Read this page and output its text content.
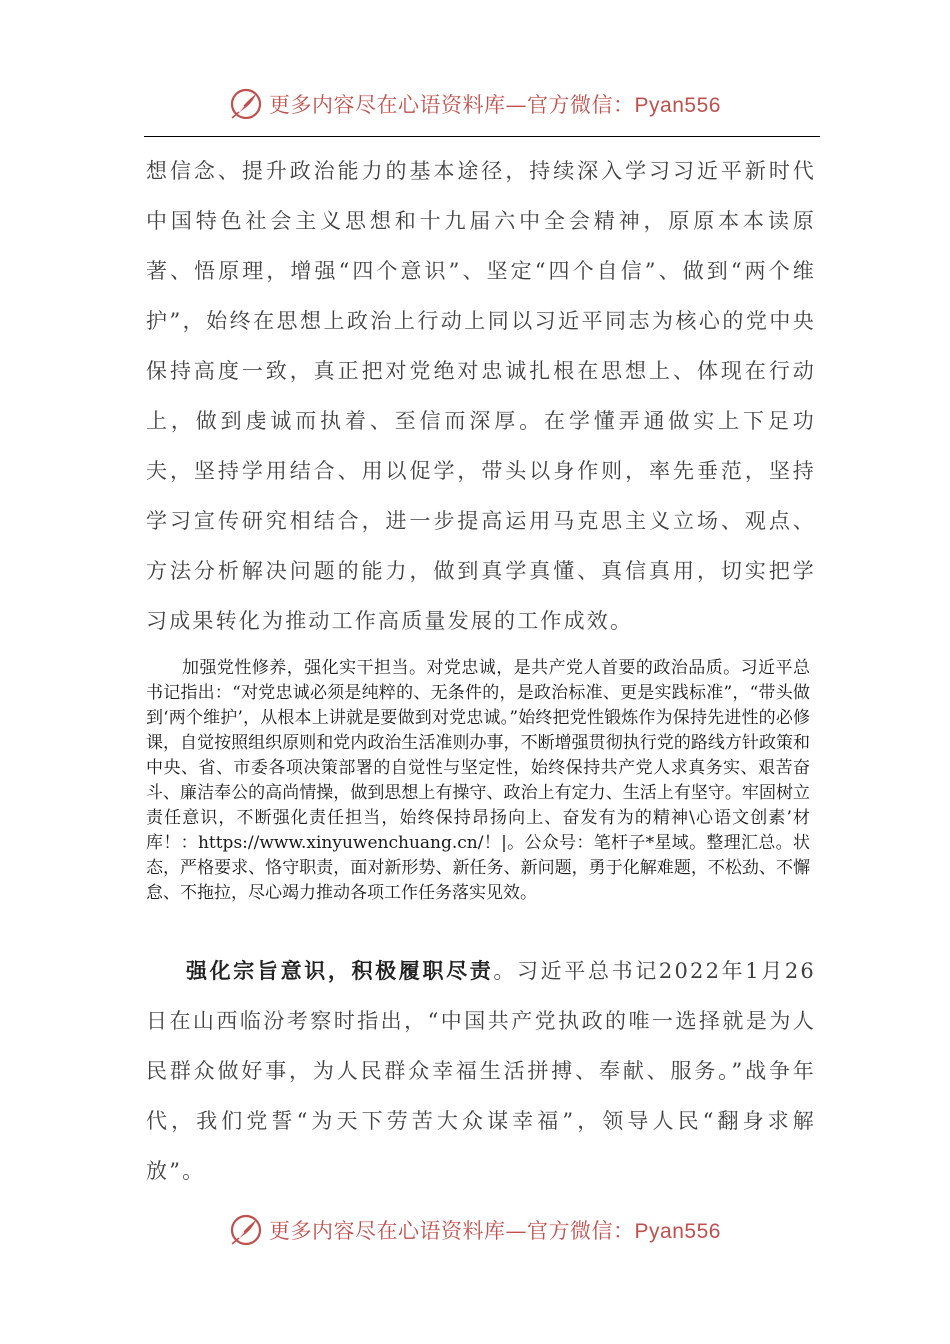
更多内容尽在心语资料库—官方微信：Pyan556

想信念、提升政治能力的基本途径，持续深入学习习近平新时代中国特色社会主义思想和十九届六中全会精神，原原本本读原著、悟原理，增强“四个意识”、坚定“四个自信”、做到“两个维护”，始终在思想上政治上行动上同以习近平同志为核心的党中央保持高度一致，真正把对党绝对忠诚扎根在思想上、体现在行动上，做到虔诚而执着、至信而深厚。在学懂弄通做实上下足功夫，坚持学用结合、用以促学，带头以身作则，率先垂范，坚持学习宣传研究相结合，进一步提高运用马克思主义立场、观点、方法分析解决问题的能力，做到真学真懂、真信真用，切实把学习成果转化为推动工作高质量发展的工作成效。

加强党性修养，强化实干担当。对党忠诚，是共产党人首要的政治品质。习近平总书记指出：“对党忠诚必须是纯粹的、无条件的，是政治标准、更是实践标准”，“带头做到‘两个维护’，从根本上讲就是要做到对党忠诚。”始终把党性锻炼作为保持先进性的必修课，自觉按照组织原则和党内政治生活准则办事，不断增强贯彻执行党的路线方针政策和中央、省、市委各项决策部署的自觉性与坚定性，始终保持共产党人求真务实、艰苦奋斗、廉洁奉公的高尚情操，做到思想上有操守、政治上有定力、生活上有坚守。牢固树立责任意识，不断强化责任担当，始终保持昂扬向上、奋发有为的精神\心语文创素’材库！：https://www.xinyuwenchuang.cn/！|。公众号：笔杆子*星域。整理汇总。状态，严格要求、恪守职责，面对新形势、新任务、新问题，勇于化解难题，不松劲、不懈怠、不拖拉，尽心竭力推动各项工作任务落实见效。

强化宗旨意识，积极履职尽责。习近平总书记2022年1月26日在山西临汾考察时指出，“中国共产党执政的唯一选择就是为人民群众做好事，为人民群众幸福生活拼搏、奉献、服务。”战争年代，我们党誓“为天下劳苦大众谋幸福”，领导人民“翻身求解放”。

更多内容尽在心语资料库—官方微信：Pyan556
